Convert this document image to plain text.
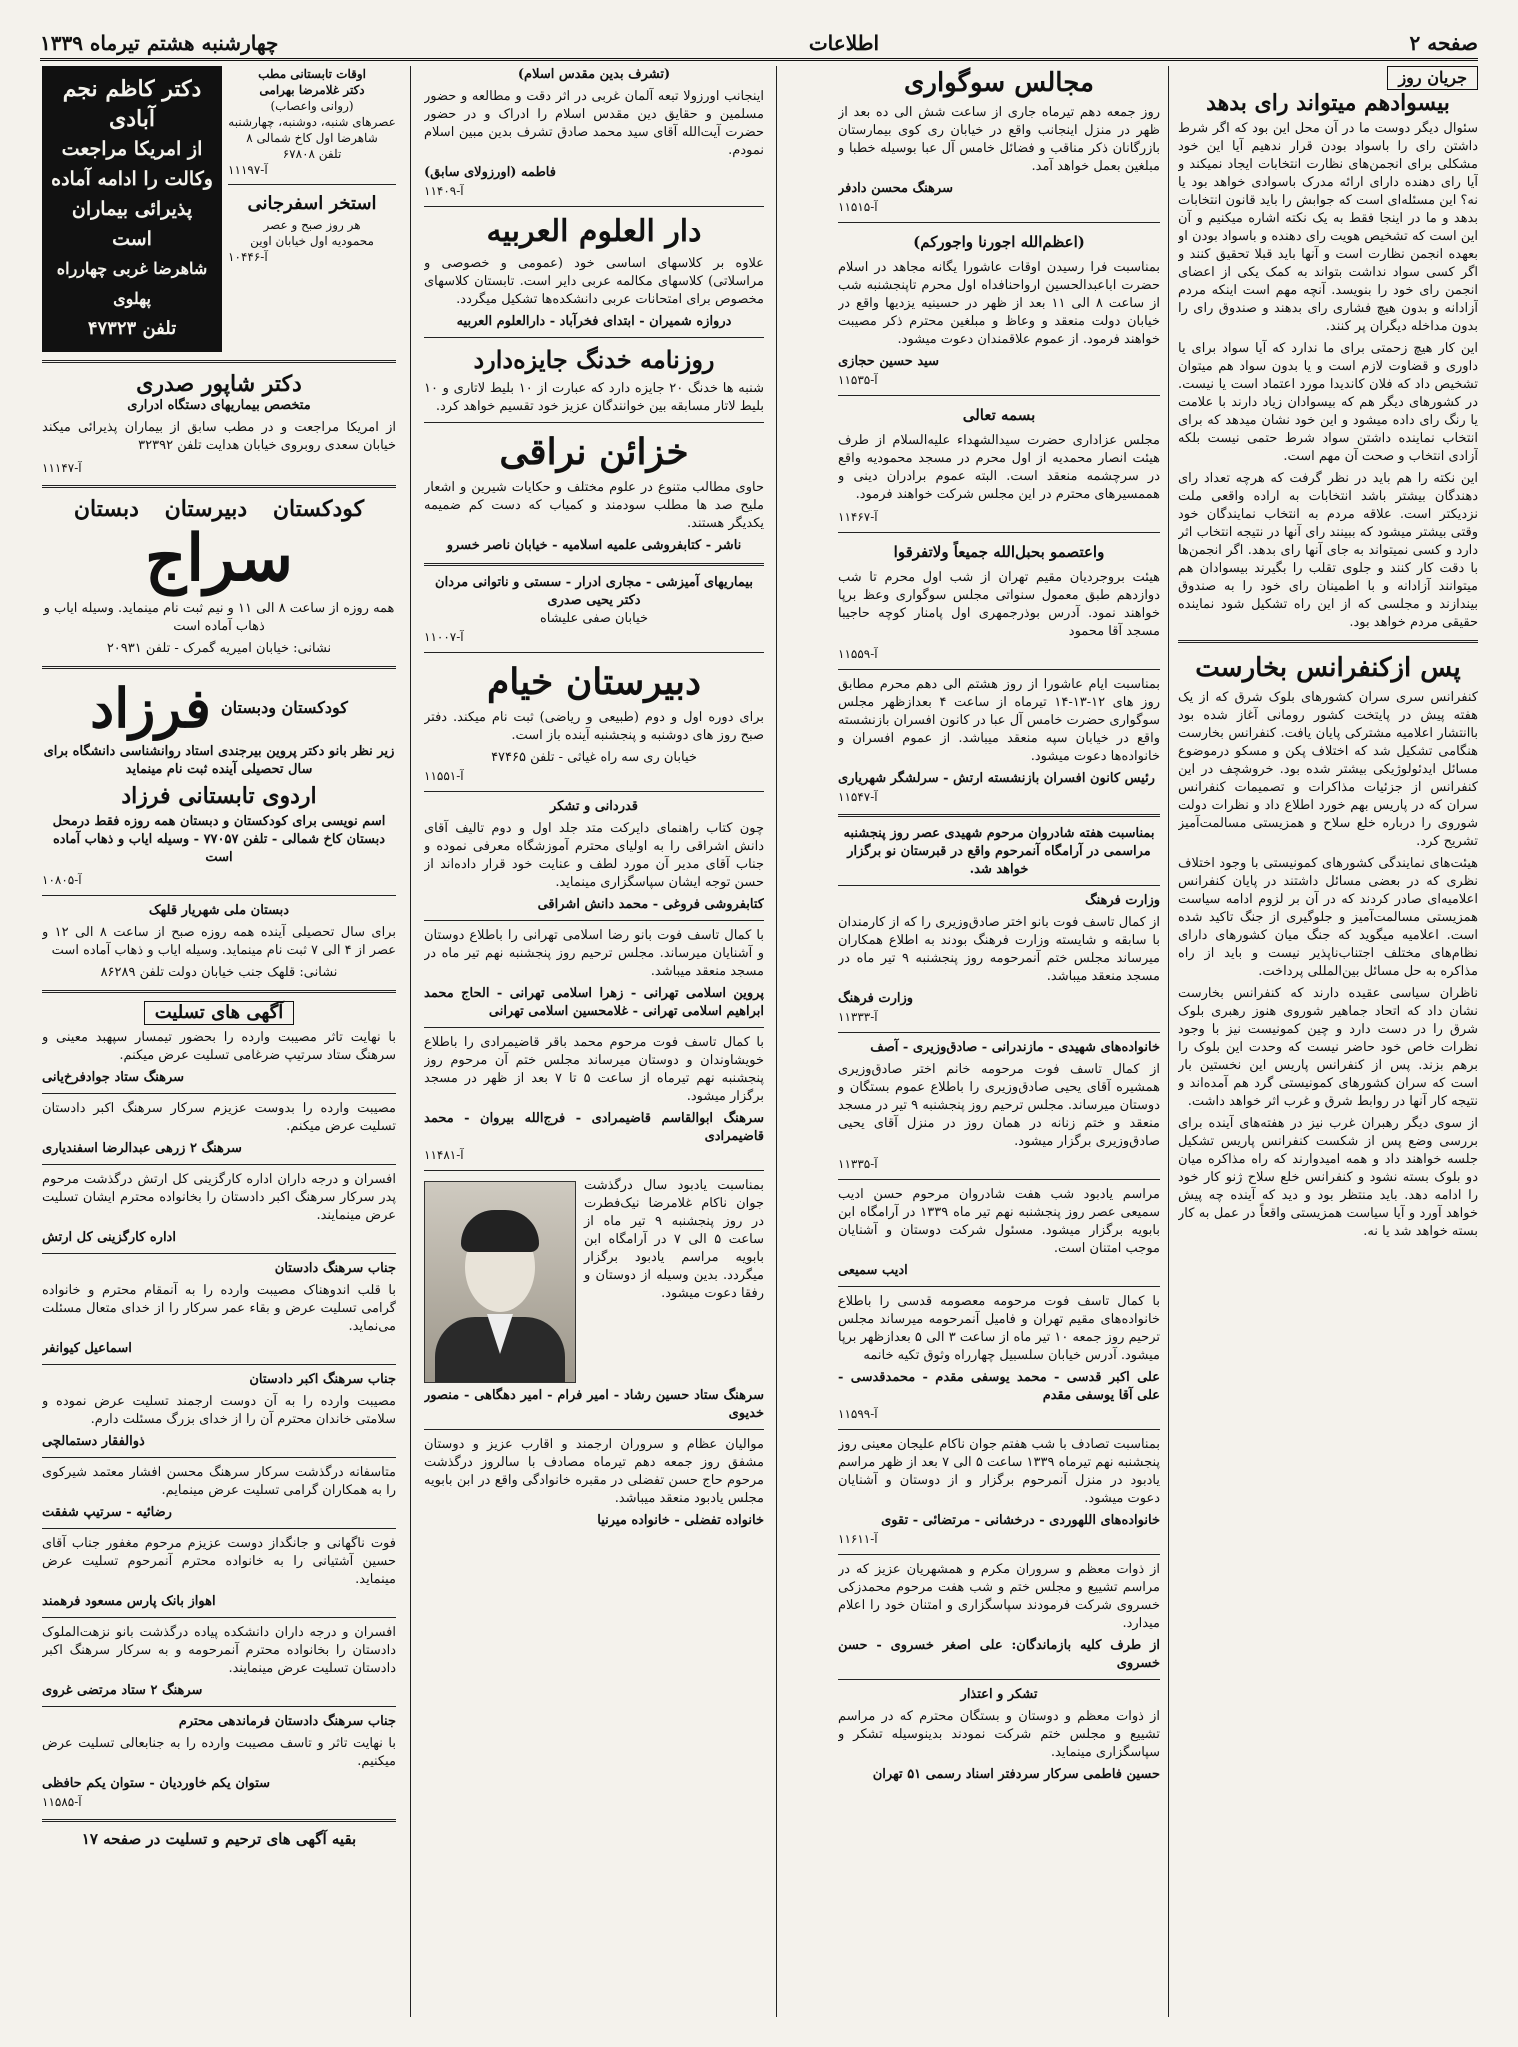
صفحه ۲
اطلاعات
چهارشنبه هشتم تیرماه ۱۳۳۹
جریان روز
بیسوادهم میتواند رای بدهد

سئوال دیگر دوست ما در آن محل این بود که اگر شرط داشتن رای را باسواد بودن قرار ندهیم آیا این خود مشکلی برای انجمن‌های نظارت انتخابات ایجاد نمیکند و آیا رای دهنده دارای ارائه مدرک باسوادی خواهد بود یا نه؟ این مسئله‌ای است که جوابش را باید قانون انتخابات بدهد و ما در اینجا فقط به یک نکته اشاره میکنیم و آن این است که تشخیص هویت رای دهنده و باسواد بودن او بعهده انجمن نظارت است و آنها باید قبلا تحقیق کنند و اگر کسی سواد نداشت بتواند به کمک یکی از اعضای انجمن رای خود را بنویسد. آنچه مهم است اینکه مردم آزادانه و بدون هیچ فشاری رای بدهند و صندوق رای را بدون مداخله دیگران پر کنند.

این کار هیچ زحمتی برای ما ندارد که آیا سواد برای یا داوری و قضاوت لازم است و یا بدون سواد هم میتوان تشخیص داد که فلان کاندیدا مورد اعتماد است یا نیست. در کشورهای دیگر هم که بیسوادان زیاد دارند با علامت یا رنگ رای داده میشود و این خود نشان میدهد که برای انتخاب نماینده داشتن سواد شرط حتمی نیست بلکه آزادی انتخاب و صحت آن مهم است.

این نکته را هم باید در نظر گرفت که هرچه تعداد رای دهندگان بیشتر باشد انتخابات به اراده واقعی ملت نزدیکتر است. علاقه مردم به انتخاب نمایندگان خود وقتی بیشتر میشود که ببینند رای آنها در نتیجه انتخاب اثر دارد و کسی نمیتواند به جای آنها رای بدهد. اگر انجمن‌ها با دقت کار کنند و جلوی تقلب را بگیرند بیسوادان هم میتوانند آزادانه و با اطمینان رای خود را به صندوق بیندازند و مجلسی که از این راه تشکیل شود نماینده حقیقی مردم خواهد بود.

پس ازکنفرانس بخارست

کنفرانس سری سران کشورهای بلوک شرق که از یک هفته پیش در پایتخت کشور رومانی آغاز شده بود باانتشار اعلامیه مشترکی پایان یافت. کنفرانس بخارست هنگامی تشکیل شد که اختلاف پکن و مسکو درموضوع مسائل ایدئولوژیکی بیشتر شده بود. خروشچف در این کنفرانس از جزئیات مذاکرات و تصمیمات کنفرانس سران که در پاریس بهم خورد اطلاع داد و نظرات دولت شوروی را درباره خلع سلاح و همزیستی مسالمت‌آمیز تشریح کرد.

هیئت‌های نمایندگی کشورهای کمونیستی با وجود اختلاف نظری که در بعضی مسائل داشتند در پایان کنفرانس اعلامیه‌ای صادر کردند که در آن بر لزوم ادامه سیاست همزیستی مسالمت‌آمیز و جلوگیری از جنگ تاکید شده است. اعلامیه میگوید که جنگ میان کشورهای دارای نظام‌های مختلف اجتناب‌ناپذیر نیست و باید از راه مذاکره به حل مسائل بین‌المللی پرداخت.

ناظران سیاسی عقیده دارند که کنفرانس بخارست نشان داد که اتحاد جماهیر شوروی هنوز رهبری بلوک شرق را در دست دارد و چین کمونیست نیز با وجود نظرات خاص خود حاضر نیست که وحدت این بلوک را برهم بزند. پس از کنفرانس پاریس این نخستین بار است که سران کشورهای کمونیستی گرد هم آمده‌اند و نتیجه کار آنها در روابط شرق و غرب اثر خواهد داشت.

از سوی دیگر رهبران غرب نیز در هفته‌های آینده برای بررسی وضع پس از شکست کنفرانس پاریس تشکیل جلسه خواهند داد و همه امیدوارند که راه مذاکره میان دو بلوک بسته نشود و کنفرانس خلع سلاح ژنو کار خود را ادامه دهد. باید منتظر بود و دید که آینده چه پیش خواهد آورد و آیا سیاست همزیستی واقعاً در عمل به کار بسته خواهد شد یا نه.

مجالس سوگواری

روز جمعه دهم تیرماه جاری از ساعت شش الی ده بعد از ظهر در منزل اینجانب واقع در خیابان ری کوی بیمارستان بازرگانان ذکر مناقب و فضائل خامس آل عبا بوسیله خطبا و مبلغین بعمل خواهد آمد.

سرهنگ محسن دادفر
آ-۱۱۵۱۵
(اعظم‌الله اجورنا واجورکم)

بمناسبت فرا رسیدن اوقات عاشورا یگانه مجاهد در اسلام حضرت ابا‌عبدالحسین ارواحنافداه اول محرم تاپنجشنبه شب از ساعت ۸ الی ۱۱ بعد از ظهر در حسینیه یزدیها واقع در خیابان دولت منعقد و وعاظ و مبلغین محترم ذکر مصیبت خواهند فرمود. از عموم علاقمندان دعوت میشود.

سید حسین حجازی
آ-۱۱۵۳۵
بسمه تعالی

مجلس عزاداری حضرت سیدالشهداء علیه‌السلام از طرف هیئت انصار محمدیه از اول محرم در مسجد محمودیه واقع در سرچشمه منعقد است. البته عموم برادران دینی و هممسیرهای محترم در این مجلس شرکت خواهند فرمود.

آ-۱۱۴۶۷
واعتصمو بحبل‌الله جمیعاً ولاتفرقوا

هیئت بروجردیان مقیم تهران از شب اول محرم تا شب دوازدهم طبق معمول سنواتی مجلس سوگواری وعظ برپا خواهند نمود. آدرس بوذرجمهری اول پامنار کوچه حاجیبا مسجد آقا محمود

آ-۱۱۵۵۹

بمناسبت ایام عاشورا از روز هشتم الی دهم محرم مطابق روز های ۱۲-۱۳-۱۴ تیرماه از ساعت ۴ بعدازظهر مجلس سوگواری حضرت خامس آل عبا در کانون افسران بازنشسته واقع در خیابان سپه منعقد میباشد. از عموم افسران و خانواده‌ها دعوت میشود.

رئیس کانون افسران بازنشسته ارتش - سرلشگر شهریاری
آ-۱۱۵۴۷
بمناسبت هفته شادروان مرحوم شهیدی عصر روز پنجشنبه مراسمی در آرامگاه آنمرحوم واقع در قبرستان نو برگزار خواهد شد.
وزارت فرهنگ

از کمال تاسف فوت بانو اختر صادق‌وزیری را که از کارمندان با سابقه و شایسته وزارت فرهنگ بودند به اطلاع همکاران میرساند مجلس ختم آنمرحومه روز پنجشنبه ۹ تیر ماه در مسجد منعقد میباشد.

وزارت فرهنگ
آ-۱۱۳۳۳
خانواده‌های شهیدی - مازندرانی - صادق‌وزیری - آصف

از کمال تاسف فوت مرحومه خانم اختر صادق‌وزیری همشیره آقای یحیی صادق‌وزیری را باطلاع عموم بستگان و دوستان میرساند. مجلس ترحیم روز پنجشنبه ۹ تیر در مسجد منعقد و ختم زنانه در همان روز در منزل آقای یحیی صادق‌وزیری برگزار میشود.

آ-۱۱۳۳۵

مراسم یادبود شب هفت شادروان مرحوم حسن ادیب سمیعی عصر روز پنجشنبه نهم تیر ماه ۱۳۳۹ در آرامگاه ابن بابویه برگزار میشود. مسئول شرکت دوستان و آشنایان موجب امتنان است.

ادیب سمیعی

با کمال تاسف فوت مرحومه معصومه قدسی را باطلاع خانواده‌های مقیم تهران و فامیل آنمرحومه میرساند مجلس ترحیم روز جمعه ۱۰ تیر ماه از ساعت ۳ الی ۵ بعدازظهر برپا میشود. آدرس خیابان سلسبیل چهارراه وثوق تکیه خانمه

علی اکبر قدسی - محمد یوسفی مقدم - محمدقدسی - علی آقا یوسفی مقدم
آ-۱۱۵۹۹

بمناسبت تصادف با شب هفتم جوان ناکام علیجان معینی روز پنجشنبه نهم تیرماه ۱۳۳۹ ساعت ۵ الی ۷ بعد از ظهر مراسم یادبود در منزل آنمرحوم برگزار و از دوستان و آشنایان دعوت میشود.

خانواده‌های اللهوردی - درخشانی - مرتضائی - تقوی
آ-۱۱۶۱۱

از ذوات معظم و سروران مکرم و همشهریان عزیز که در مراسم تشییع و مجلس ختم و شب هفت مرحوم محمدزکی خسروی شرکت فرمودند سپاسگزاری و امتنان خود را اعلام میدارد.

از طرف کلیه بازماندگان: علی اصغر خسروی - حسن خسروی
تشکر و اعتذار

از ذوات معظم و دوستان و بستگان محترم که در مراسم تشییع و مجلس ختم شرکت نمودند بدینوسیله تشکر و سپاسگزاری مینماید.

حسین فاطمی سرکار سردفتر اسناد رسمی ۵۱ تهران
(تشرف بدین مقدس اسلام)

اینجانب اورزولا تبعه آلمان غربی در اثر دقت و مطالعه و حضور مسلمین و حقایق دین مقدس اسلام را ادراک و در حضور حضرت آیت‌الله آقای سید محمد صادق تشرف بدین مبین اسلام نمودم.

فاطمه (اورزولای سابق)
آ-۱۱۴۰۹
دار العلوم العربیه

علاوه بر کلاسهای اساسی خود (عمومی و خصوصی و مراسلاتی) کلاسهای مکالمه عربی دایر است. تابستان کلاسهای مخصوص برای امتحانات عربی دانشکده‌ها تشکیل میگردد.

دروازه شمیران - ابتدای فخرآباد - دارالعلوم العربیه
روزنامه خدنگ جایزه‌دارد

شنبه ها خدنگ ۲۰ جایزه دارد که عبارت از ۱۰ بلیط لاتاری و ۱۰ بلیط لاتار مسابقه بین خوانندگان عزیز خود تقسیم خواهد کرد.

خزائن نراقی

حاوی مطالب متنوع در علوم مختلف و حکایات شیرین و اشعار ملیح صد ها مطلب سودمند و کمیاب که دست کم ضمیمه یکدیگر هستند.

ناشر - کتابفروشی علمیه اسلامیه - خیابان ناصر خسرو
بیماریهای آمیزشی - مجاری ادرار - سستی و ناتوانی مردان
دکتر یحیی صدری
خیابان صفی علیشاه
آ-۱۱۰۰۷
دبیرستان خیام

برای دوره اول و دوم (طبیعی و ریاضی) ثبت نام میکند. دفتر صبح روز های دوشنبه و پنجشنبه آینده باز است.

خیابان ری سه راه غیاثی - تلفن ۴۷۴۶۵
آ-۱۱۵۵۱
قدردانی و تشکر

چون کتاب راهنمای دایرکت متد جلد اول و دوم تالیف آقای دانش اشراقی را به اولیای محترم آموزشگاه معرفی نموده و جناب آقای مدیر آن مورد لطف و عنایت خود قرار داده‌اند از حسن توجه ایشان سپاسگزاری مینماید.

کتابفروشی فروغی - محمد دانش اشراقی

با کمال تاسف فوت بانو رضا اسلامی تهرانی را باطلاع دوستان و آشنایان میرساند. مجلس ترحیم روز پنجشنبه نهم تیر ماه در مسجد منعقد میباشد.

پروین اسلامی تهرانی - زهرا اسلامی تهرانی - الحاج محمد ابراهیم اسلامی تهرانی - غلامحسین اسلامی تهرانی

با کمال تاسف فوت مرحوم محمد باقر قاضیمرادی را باطلاع خویشاوندان و دوستان میرساند مجلس ختم آن مرحوم روز پنجشنبه نهم تیرماه از ساعت ۵ تا ۷ بعد از ظهر در مسجد برگزار میشود.

سرهنگ ابوالقاسم قاضیمرادی - فرج‌الله بیروان - محمد قاضیمرادی
آ-۱۱۴۸۱

بمناسبت یادبود سال درگذشت جوان ناکام غلامرضا نیک‌فطرت در روز پنجشنبه ۹ تیر ماه از ساعت ۵ الی ۷ در آرامگاه ابن بابویه مراسم یادبود برگزار میگردد. بدین وسیله از دوستان و رفقا دعوت میشود.

سرهنگ ستاد حسین رشاد - امیر فرام - امیر دهگاهی - منصور خدیوی

موالیان عظام و سروران ارجمند و اقارب عزیز و دوستان مشفق روز جمعه دهم تیرماه مصادف با سالروز درگذشت مرحوم حاج حسن تفضلی در مقبره خانوادگی واقع در ابن بابویه مجلس یادبود منعقد میباشد.

خانواده تفضلی - خانواده میرنیا
اوقات تابستانی مطب
دکتر غلامرضا بهرامی
(روانی واعصاب)
عصرهای شنبه، دوشنبه، چهارشنبه
شاهرضا اول کاخ شمالی ۸
تلفن ۶۷۸۰۸
آ-۱۱۱۹۷
استخر اسفرجانی
هر روز صبح و عصر
محمودیه اول خیابان اوین
آ-۱۰۴۴۶
دکتر کاظم نجم آبادی
از امریکا مراجعت وکالت را ادامه آماده پذیرائی بیماران است
شاهرضا غربی چهارراه پهلوی
تلفن ۴۷۳۲۳
دکتر شاپور صدری
متخصص بیماریهای دستگاه ادراری

از امریکا مراجعت و در مطب سابق از بیماران پذیرائی میکند خیابان سعدی روبروی خیابان هدایت تلفن ۳۲۳۹۲

آ-۱۱۱۴۷
کودکستان دبیرستان دبستان
سراج

همه روزه از ساعت ۸ الی ۱۱ و نیم ثبت نام مینماید. وسیله ایاب و ذهاب آماده است

نشانی: خیابان امیریه گمرک - تلفن ۲۰۹۳۱
کودکستان ودبستان
فرزاد

زیر نظر بانو دکتر پروین بیرجندی استاد روانشناسی دانشگاه برای سال تحصیلی آینده ثبت نام مینماید

اردوی تابستانی فرزاد

اسم نویسی برای کودکستان و دبستان همه روزه فقط درمحل دبستان کاخ شمالی - تلفن ۷۷۰۵۷ - وسیله ایاب و ذهاب آماده است

آ-۱۰۸۰۵
دبستان ملی شهریار قلهک

برای سال تحصیلی آینده همه روزه صبح از ساعت ۸ الی ۱۲ و عصر از ۴ الی ۷ ثبت نام مینماید. وسیله ایاب و ذهاب آماده است

نشانی: قلهک جنب خیابان دولت تلفن ۸۶۲۸۹
آگهی های تسلیت

با نهایت تاثر مصیبت وارده را بحضور تیمسار سپهبد معینی و سرهنگ ستاد سرتیپ ضرغامی تسلیت عرض میکنم.

سرهنگ ستاد جوادفرخ‌یانی

مصیبت وارده را بدوست عزیزم سرکار سرهنگ اکبر دادستان تسلیت عرض میکنم.

سرهنگ ۲ زرهی عبدالرضا اسفندیاری

افسران و درجه داران اداره کارگزینی کل ارتش درگذشت مرحوم پدر سرکار سرهنگ اکبر دادستان را بخانواده محترم ایشان تسلیت عرض مینمایند.

اداره کارگزینی کل ارتش
جناب سرهنگ دادستان

با قلب اندوهناک مصیبت وارده را به آنمقام محترم و خانواده گرامی تسلیت عرض و بقاء عمر سرکار را از خدای متعال مسئلت می‌نماید.

اسماعیل کیوانفر
جناب سرهنگ اکبر دادستان

مصیبت وارده را به آن دوست ارجمند تسلیت عرض نموده و سلامتی خاندان محترم آن را از خدای بزرگ مسئلت دارم.

ذوالفقار دستمالچی

متاسفانه درگذشت سرکار سرهنگ محسن افشار معتمد شیرکوی را به همکاران گرامی تسلیت عرض مینمایم.

رضائیه - سرتیپ شفقت

فوت ناگهانی و جانگداز دوست عزیزم مرحوم مغفور جناب آقای حسین آشتیانی را به خانواده محترم آنمرحوم تسلیت عرض مینماید.

اهواز بانک پارس مسعود فرهمند

افسران و درجه داران دانشکده پیاده درگذشت بانو نزهت‌الملوک دادستان را بخانواده محترم آنمرحومه و به سرکار سرهنگ اکبر دادستان تسلیت عرض مینمایند.

سرهنگ ۲ ستاد مرتضی غروی
جناب سرهنگ دادستان فرماندهی محترم

با نهایت تاثر و تاسف مصیبت وارده را به جنابعالی تسلیت عرض میکنیم.

ستوان یکم خاوردیان - ستوان یکم حافظی
آ-۱۱۵۸۵
بقیه آگهی های ترحیم و تسلیت در صفحه ۱۷
